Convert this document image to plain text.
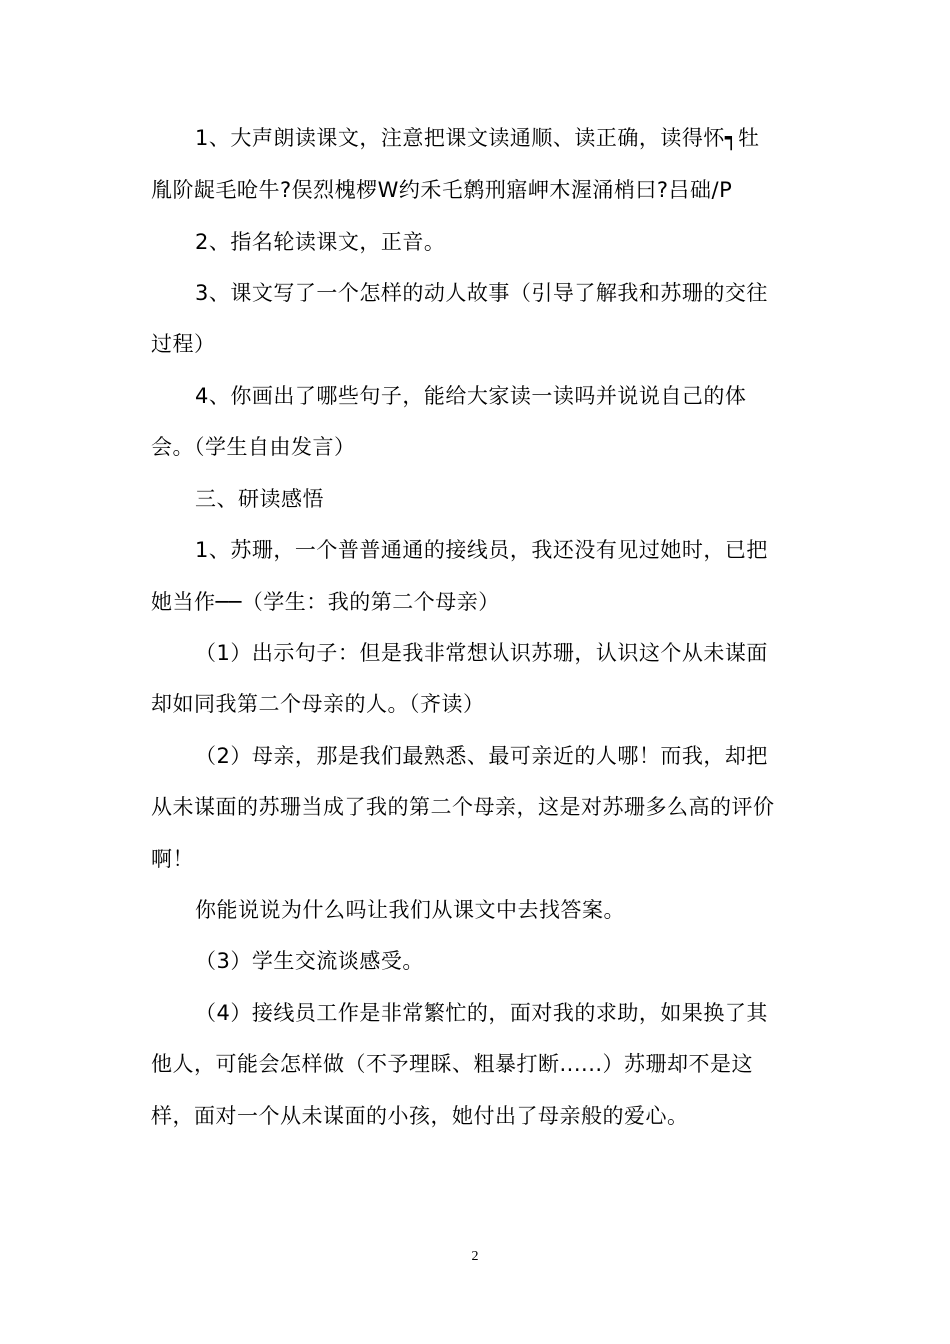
1、大声朗读课文，注意把课文读通顺、读正确，读得怀┑牡
胤阶龊毛呛牛?俣烈槐椤W约禾乇鹩刑寤岬木渥涌梢曰?吕础/P
2、指名轮读课文，正音。
3、课文写了一个怎样的动人故事（引导了解我和苏珊的交往
过程）
4、你画出了哪些句子，能给大家读一读吗并说说自己的体
会。（学生自由发言）
三、研读感悟
1、苏珊，一个普普通通的接线员，我还没有见过她时，已把
她当作──（学生：我的第二个母亲）
（1）出示句子：但是我非常想认识苏珊，认识这个从未谋面
却如同我第二个母亲的人。（齐读）
（2）母亲，那是我们最熟悉、最可亲近的人哪！而我，却把
从未谋面的苏珊当成了我的第二个母亲，这是对苏珊多么高的评价
啊！
你能说说为什么吗让我们从课文中去找答案。
（3）学生交流谈感受。
（4）接线员工作是非常繁忙的，面对我的求助，如果换了其
他人，可能会怎样做（不予理睬、粗暴打断......）苏珊却不是这
样，面对一个从未谋面的小孩，她付出了母亲般的爱心。
2
